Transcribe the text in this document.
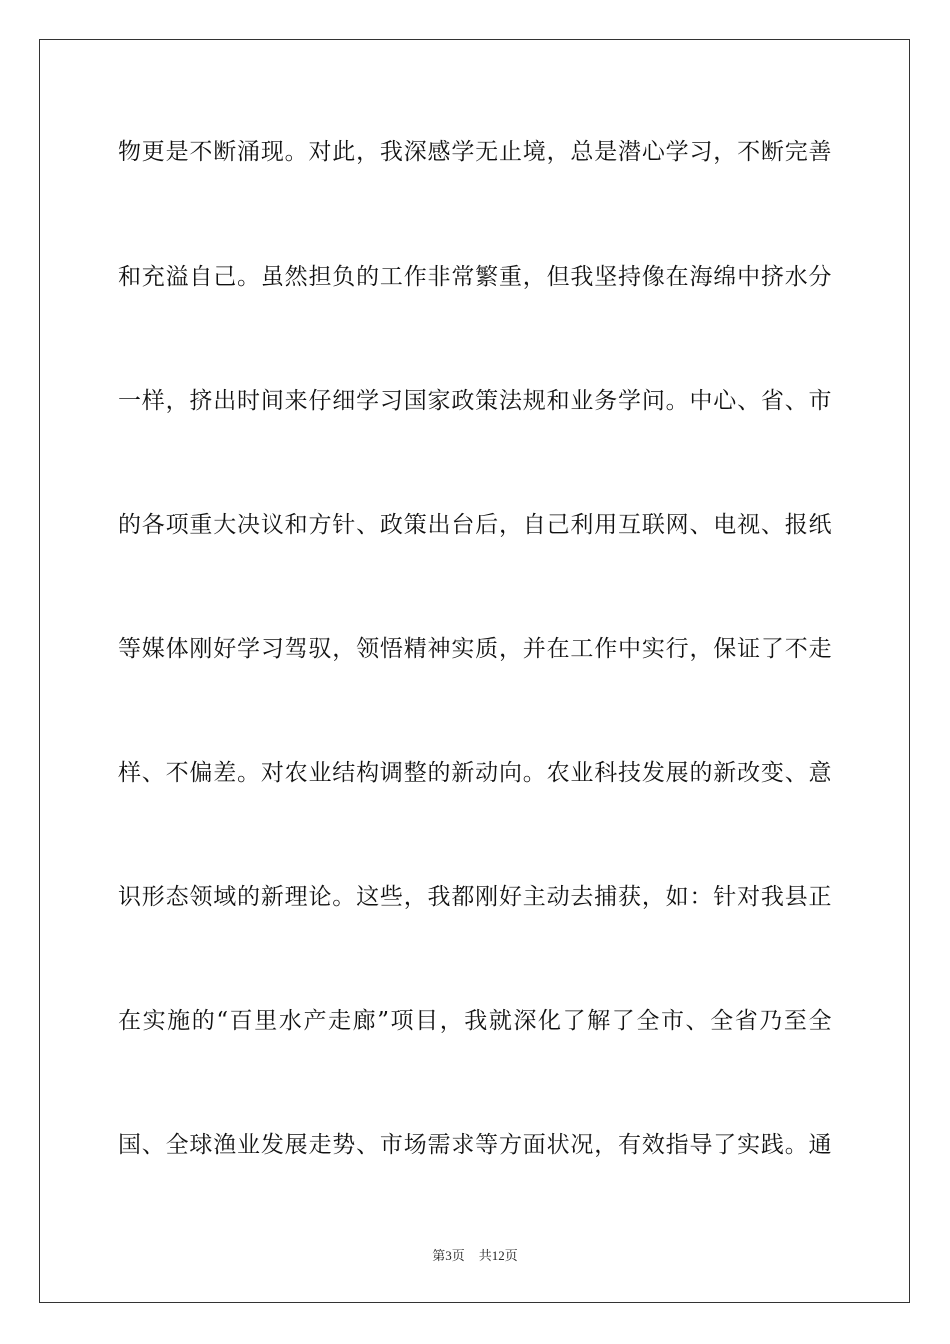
物更是不断涌现。对此，我深感学无止境，总是潜心学习，不断完善
和充溢自己。虽然担负的工作非常繁重，但我坚持像在海绵中挤水分
一样，挤出时间来仔细学习国家政策法规和业务学问。中心、省、市
的各项重大决议和方针、政策出台后，自己利用互联网、电视、报纸
等媒体刚好学习驾驭，领悟精神实质，并在工作中实行，保证了不走
样、不偏差。对农业结构调整的新动向。农业科技发展的新改变、意
识形态领域的新理论。这些，我都刚好主动去捕获，如：针对我县正
在实施的“百里水产走廊”项目，我就深化了解了全市、全省乃至全
国、全球渔业发展走势、市场需求等方面状况，有效指导了实践。通
第3页 共12页
